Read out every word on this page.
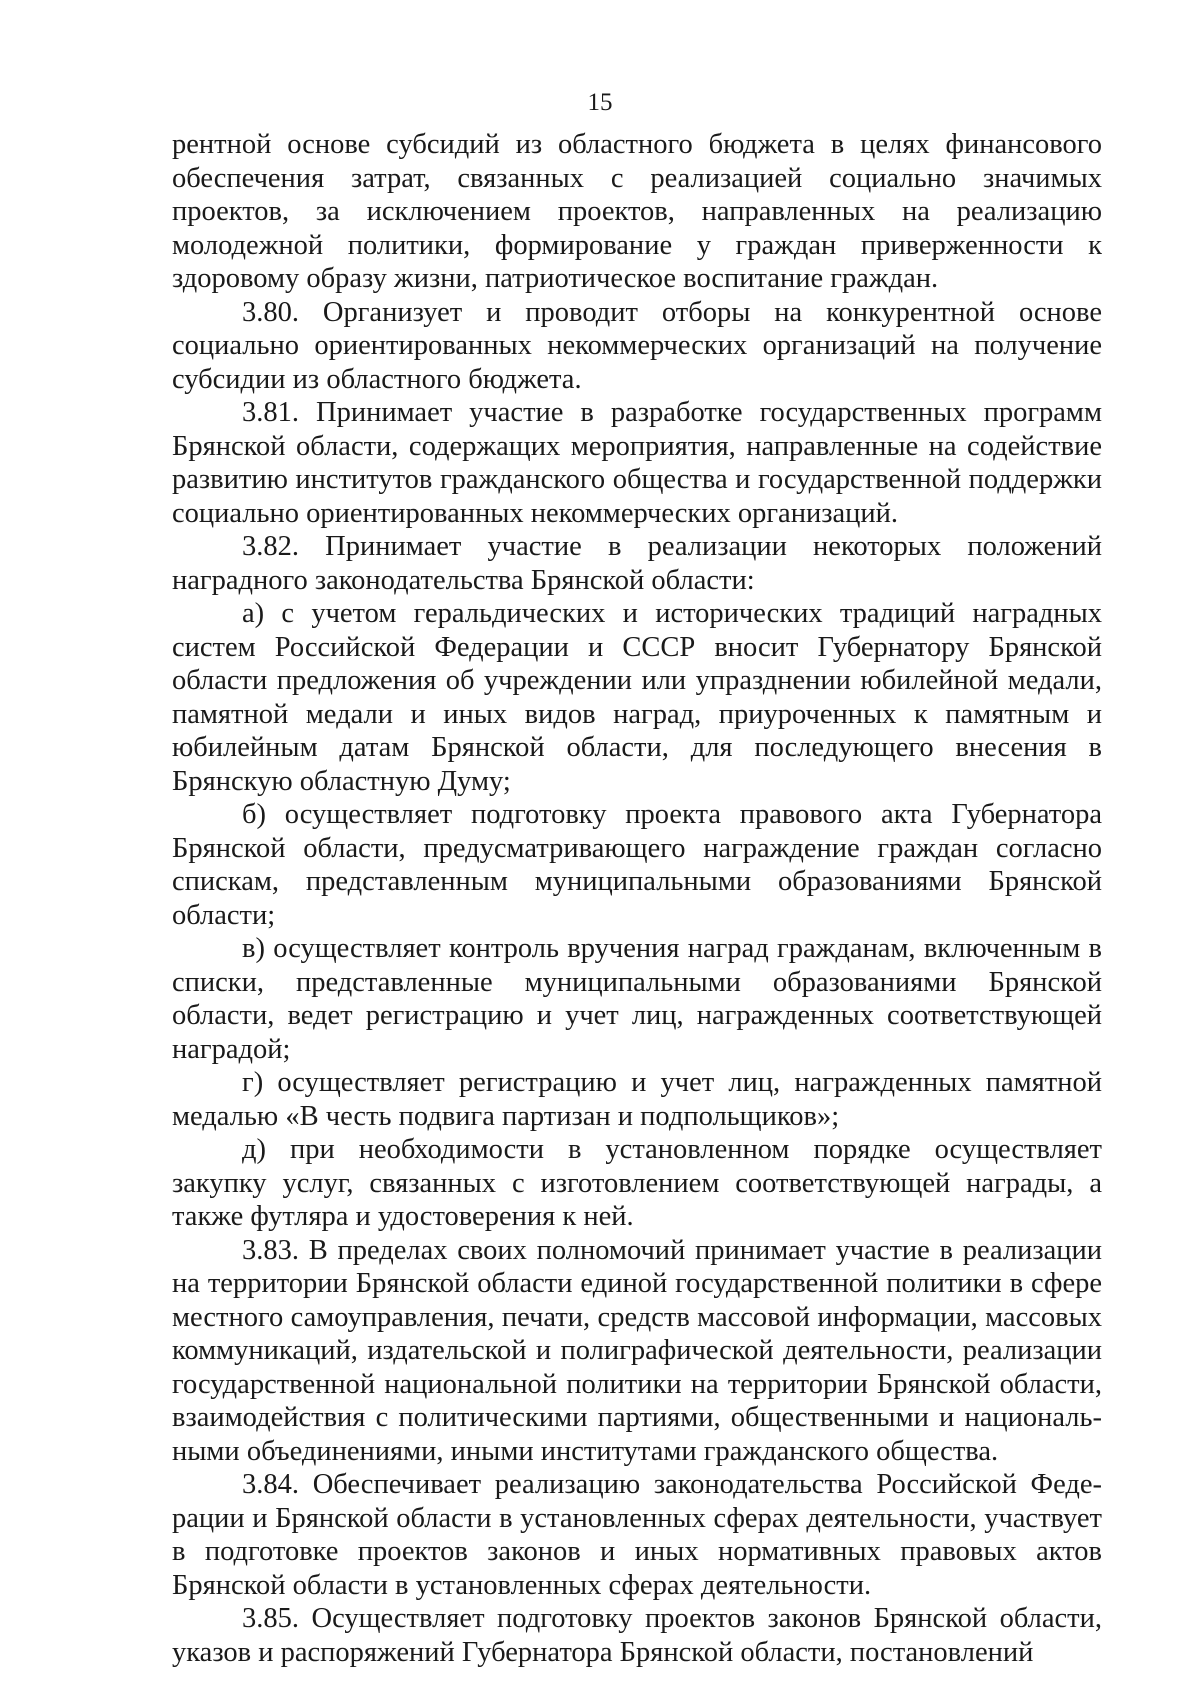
15

рентной основе субсидий из областного бюджета в целях финансового обеспечения затрат, связанных с реализацией социально значимых проектов, за исключением проектов, направленных на реализацию молодежной политики, формирование у граждан приверженности к здоровому образу жизни, патриотическое воспитание граждан.

3.80. Организует и проводит отборы на конкурентной основе социально ориентированных некоммерческих организаций на получение субсидии из областного бюджета.

3.81. Принимает участие в разработке государственных программ Брянской области, содержащих мероприятия, направленные на содействие развитию институтов гражданского общества и государственной поддержки социально ориентированных некоммерческих организаций.

3.82. Принимает участие в реализации некоторых положений наградного законодательства Брянской области:

а) с учетом геральдических и исторических традиций наградных систем Российской Федерации и СССР вносит Губернатору Брянской области предложения об учреждении или упразднении юбилейной медали, памятной медали и иных видов наград, приуроченных к памятным и юбилейным датам Брянской области, для последующего внесения в Брянскую областную Думу;

б) осуществляет подготовку проекта правового акта Губернатора Брянской области, предусматривающего награждение граждан согласно спискам, представленным муниципальными образованиями Брянской области;

в) осуществляет контроль вручения наград гражданам, включенным в списки, представленные муниципальными образованиями Брянской области, ведет регистрацию и учет лиц, награжденных соответствующей наградой;

г) осуществляет регистрацию и учет лиц, награжденных памятной медалью «В честь подвига партизан и подпольщиков»;

д) при необходимости в установленном порядке осуществляет закупку услуг, связанных с изготовлением соответствующей награды, а также футляра и удостоверения к ней.

3.83. В пределах своих полномочий принимает участие в реализации на территории Брянской области единой государственной политики в сфере местного самоуправления, печати, средств массовой информации, массовых коммуникаций, издательской и полиграфической деятельности, реализации государственной национальной политики на территории Брянской области, взаимодействия с политическими партиями, общественными и национальными объединениями, иными институтами гражданского общества.

3.84. Обеспечивает реализацию законодательства Российской Федерации и Брянской области в установленных сферах деятельности, участвует в подготовке проектов законов и иных нормативных правовых актов Брянской области в установленных сферах деятельности.

3.85. Осуществляет подготовку проектов законов Брянской области, указов и распоряжений Губернатора Брянской области, постановлений
